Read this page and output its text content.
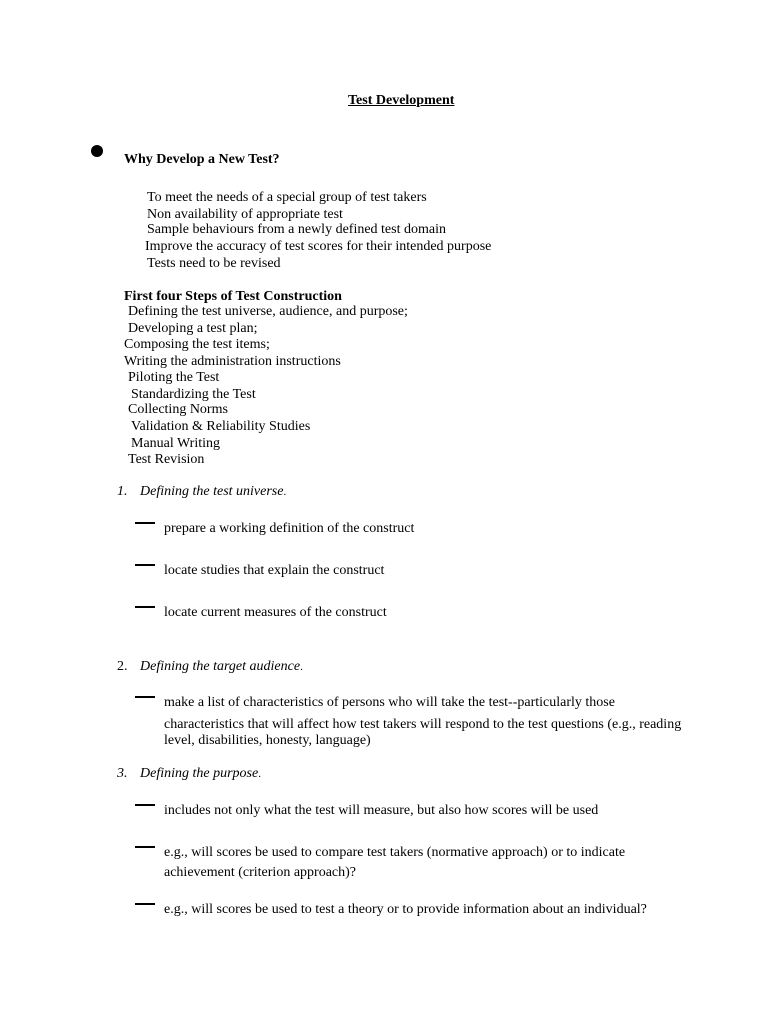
Test Development
Why Develop a New Test?
To meet the needs of a special group of test takers
Non availability of appropriate test
Sample behaviours from a newly defined test domain
Improve the accuracy of test scores for their intended purpose
Tests need to be revised
First four Steps of Test Construction
Defining the test universe, audience, and purpose;
Developing a test plan;
Composing the test items;
Writing the administration instructions
Piloting the Test
Standardizing the Test
Collecting Norms
Validation & Reliability Studies
Manual Writing
Test Revision
1. Defining the test universe.
prepare a working definition of the construct
locate studies that explain the construct
locate current measures of the construct
2. Defining the target audience.
make a list of characteristics of persons who will take the test--particularly those
characteristics that will affect how test takers will respond to the test questions (e.g., reading level, disabilities, honesty, language)
3. Defining the purpose.
includes not only what the test will measure, but also how scores will be used
e.g., will scores be used to compare test takers (normative approach) or to indicate
achievement (criterion approach)?
e.g., will scores be used to test a theory or to provide information about an individual?
